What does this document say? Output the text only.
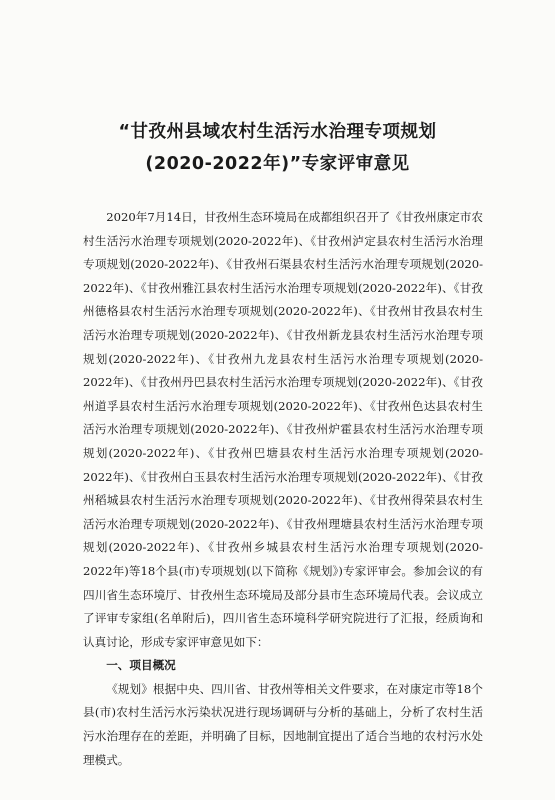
“甘孜州县域农村生活污水治理专项规划
(2020-2022年)”专家评审意见

2020年7月14日，甘孜州生态环境局在成都组织召开了《甘孜州康定市农村生活污水治理专项规划(2020-2022年)、《甘孜州泸定县农村生活污水治理专项规划(2020-2022年)、《甘孜州石渠县农村生活污水治理专项规划(2020-2022年)、《甘孜州雅江县农村生活污水治理专项规划(2020-2022年)、《甘孜州德格县农村生活污水治理专项规划(2020-2022年)、《甘孜州甘孜县农村生活污水治理专项规划(2020-2022年)、《甘孜州新龙县农村生活污水治理专项规划(2020-2022年)、《甘孜州九龙县农村生活污水治理专项规划(2020-2022年)、《甘孜州丹巴县农村生活污水治理专项规划(2020-2022年)、《甘孜州道孚县农村生活污水治理专项规划(2020-2022年)、《甘孜州色达县农村生活污水治理专项规划(2020-2022年)、《甘孜州炉霍县农村生活污水治理专项规划(2020-2022年)、《甘孜州巴塘县农村生活污水治理专项规划(2020-2022年)、《甘孜州白玉县农村生活污水治理专项规划(2020-2022年)、《甘孜州稻城县农村生活污水治理专项规划(2020-2022年)、《甘孜州得荣县农村生活污水治理专项规划(2020-2022年)、《甘孜州理塘县农村生活污水治理专项规划(2020-2022年)、《甘孜州乡城县农村生活污水治理专项规划(2020-2022年)等18个县(市)专项规划(以下简称《规划》)专家评审会。参加会议的有四川省生态环境厅、甘孜州生态环境局及部分县市生态环境局代表。会议成立了评审专家组(名单附后)，四川省生态环境科学研究院进行了汇报，经质询和认真讨论，形成专家评审意见如下：

一、项目概况

《规划》根据中央、四川省、甘孜州等相关文件要求，在对康定市等18个县(市)农村生活污水污染状况进行现场调研与分析的基础上，分析了农村生活污水治理存在的差距，并明确了目标，因地制宜提出了适合当地的农村污水处理模式。
